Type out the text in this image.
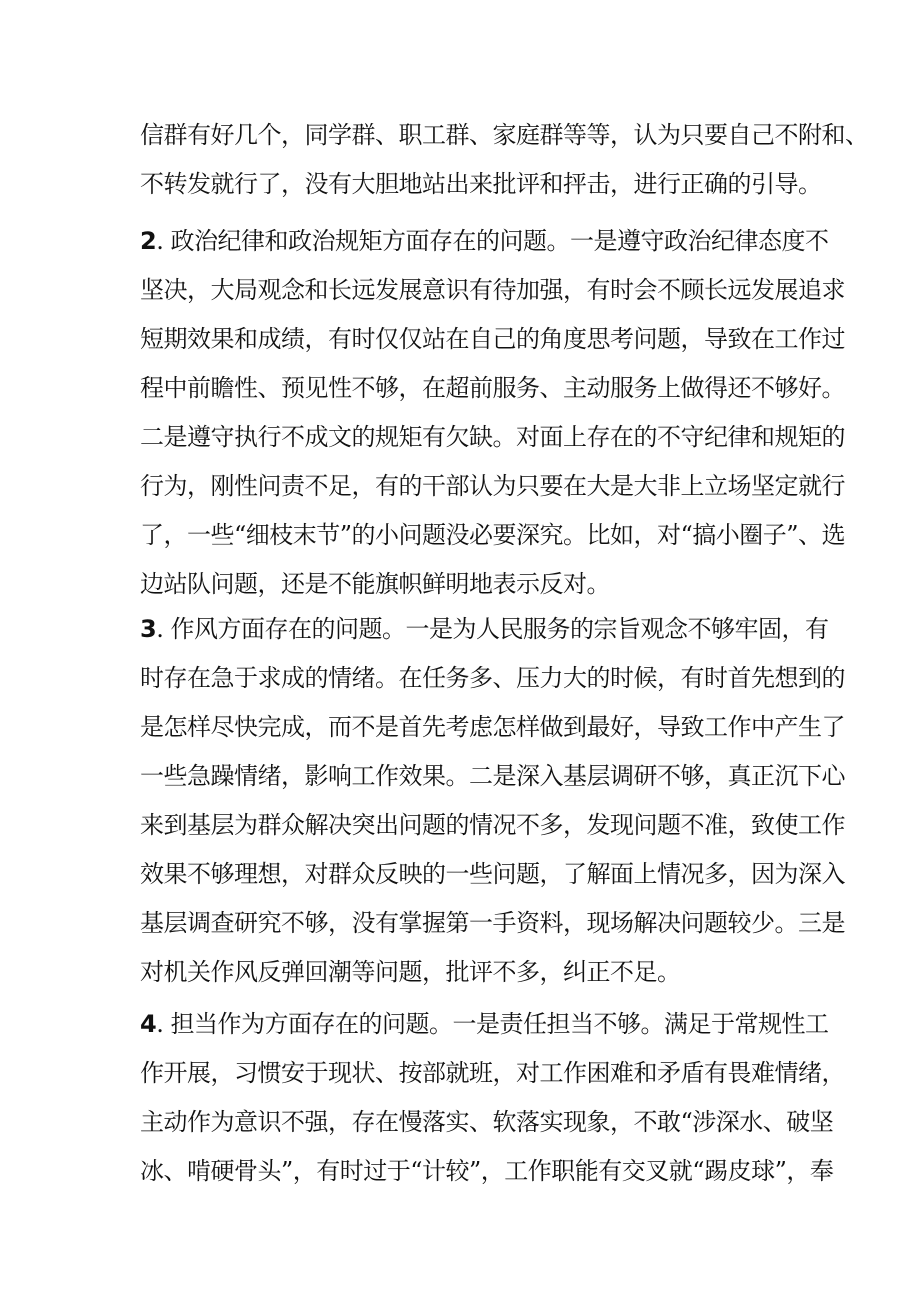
信群有好几个，同学群、职工群、家庭群等等，认为只要自己不附和、
不转发就行了，没有大胆地站出来批评和抨击，进行正确的引导。
2. 政治纪律和政治规矩方面存在的问题。一是遵守政治纪律态度不
坚决，大局观念和长远发展意识有待加强，有时会不顾长远发展追求
短期效果和成绩，有时仅仅站在自己的角度思考问题，导致在工作过
程中前瞻性、预见性不够，在超前服务、主动服务上做得还不够好。
二是遵守执行不成文的规矩有欠缺。对面上存在的不守纪律和规矩的
行为，刚性问责不足，有的干部认为只要在大是大非上立场坚定就行
了，一些“细枝末节”的小问题没必要深究。比如，对“搞小圈子”、选
边站队问题，还是不能旗帜鲜明地表示反对。
3. 作风方面存在的问题。一是为人民服务的宗旨观念不够牢固，有
时存在急于求成的情绪。在任务多、压力大的时候，有时首先想到的
是怎样尽快完成，而不是首先考虑怎样做到最好，导致工作中产生了
一些急躁情绪，影响工作效果。二是深入基层调研不够，真正沉下心
来到基层为群众解决突出问题的情况不多，发现问题不准，致使工作
效果不够理想，对群众反映的一些问题，了解面上情况多，因为深入
基层调查研究不够，没有掌握第一手资料，现场解决问题较少。三是
对机关作风反弹回潮等问题，批评不多，纠正不足。
4. 担当作为方面存在的问题。一是责任担当不够。满足于常规性工
作开展，习惯安于现状、按部就班，对工作困难和矛盾有畏难情绪，
主动作为意识不强，存在慢落实、软落实现象，不敢“涉深水、破坚
冰、啃硬骨头”，有时过于“计较”，工作职能有交叉就“踢皮球”，奉
